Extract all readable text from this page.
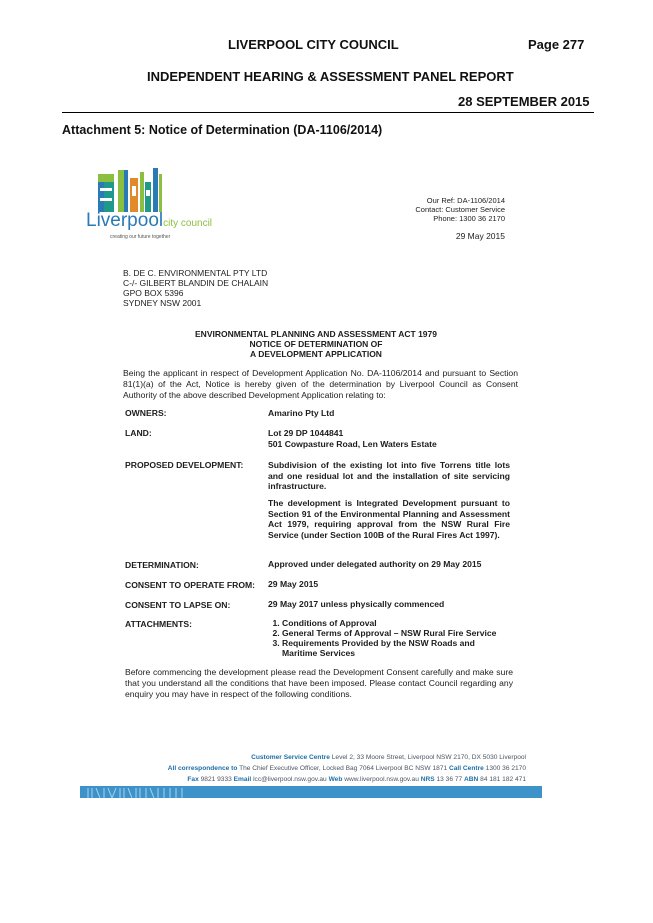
LIVERPOOL CITY COUNCIL	Page 277
INDEPENDENT HEARING & ASSESSMENT PANEL REPORT
28 SEPTEMBER 2015
Attachment 5: Notice of Determination (DA-1106/2014)
Liverpoolcity council
creating our future together
Our Ref: DA-1106/2014
Contact: Customer Service
Phone: 1300 36 2170
29 May 2015
B. DE C. ENVIRONMENTAL PTY LTD
C-/- GILBERT BLANDIN DE CHALAIN
GPO BOX 5396
SYDNEY NSW 2001
ENVIRONMENTAL PLANNING AND ASSESSMENT ACT 1979
NOTICE OF DETERMINATION OF
A DEVELOPMENT APPLICATION
Being the applicant in respect of Development Application No. DA-1106/2014 and pursuant to Section 81(1)(a) of the Act, Notice is hereby given of the determination by Liverpool Council as Consent Authority of the above described Development Application relating to:
OWNERS:	Amarino Pty Ltd
LAND:	Lot 29 DP 1044841
501 Cowpasture Road, Len Waters Estate
PROPOSED DEVELOPMENT:	Subdivision of the existing lot into five Torrens title lots and one residual lot and the installation of site servicing infrastructure.
The development is Integrated Development pursuant to Section 91 of the Environmental Planning and Assessment Act 1979, requiring approval from the NSW Rural Fire Service (under Section 100B of the Rural Fires Act 1997).
DETERMINATION:	Approved under delegated authority on 29 May 2015
CONSENT TO OPERATE FROM: 29 May 2015
CONSENT TO LAPSE ON:	29 May 2017 unless physically commenced
ATTACHMENTS:
1.	Conditions of Approval
2. General Terms of Approval – NSW Rural Fire Service
3. Requirements Provided by the NSW Roads and Maritime Services
Before commencing the development please read the Development Consent carefully and make sure that you understand all the conditions that have been imposed. Please contact Council regarding any enquiry you may have in respect of the following conditions.
Customer Service Centre Level 2, 33 Moore Street, Liverpool NSW 2170, DX 5030 Liverpool
All correspondence to The Chief Executive Officer, Locked Bag 7064 Liverpool BC NSW 1871 Call Centre 1300 36 2170
Fax 9821 9333 Email lcc@liverpool.nsw.gov.au Web www.liverpool.nsw.gov.au NRS 13 36 77 ABN 84 181 182 471
